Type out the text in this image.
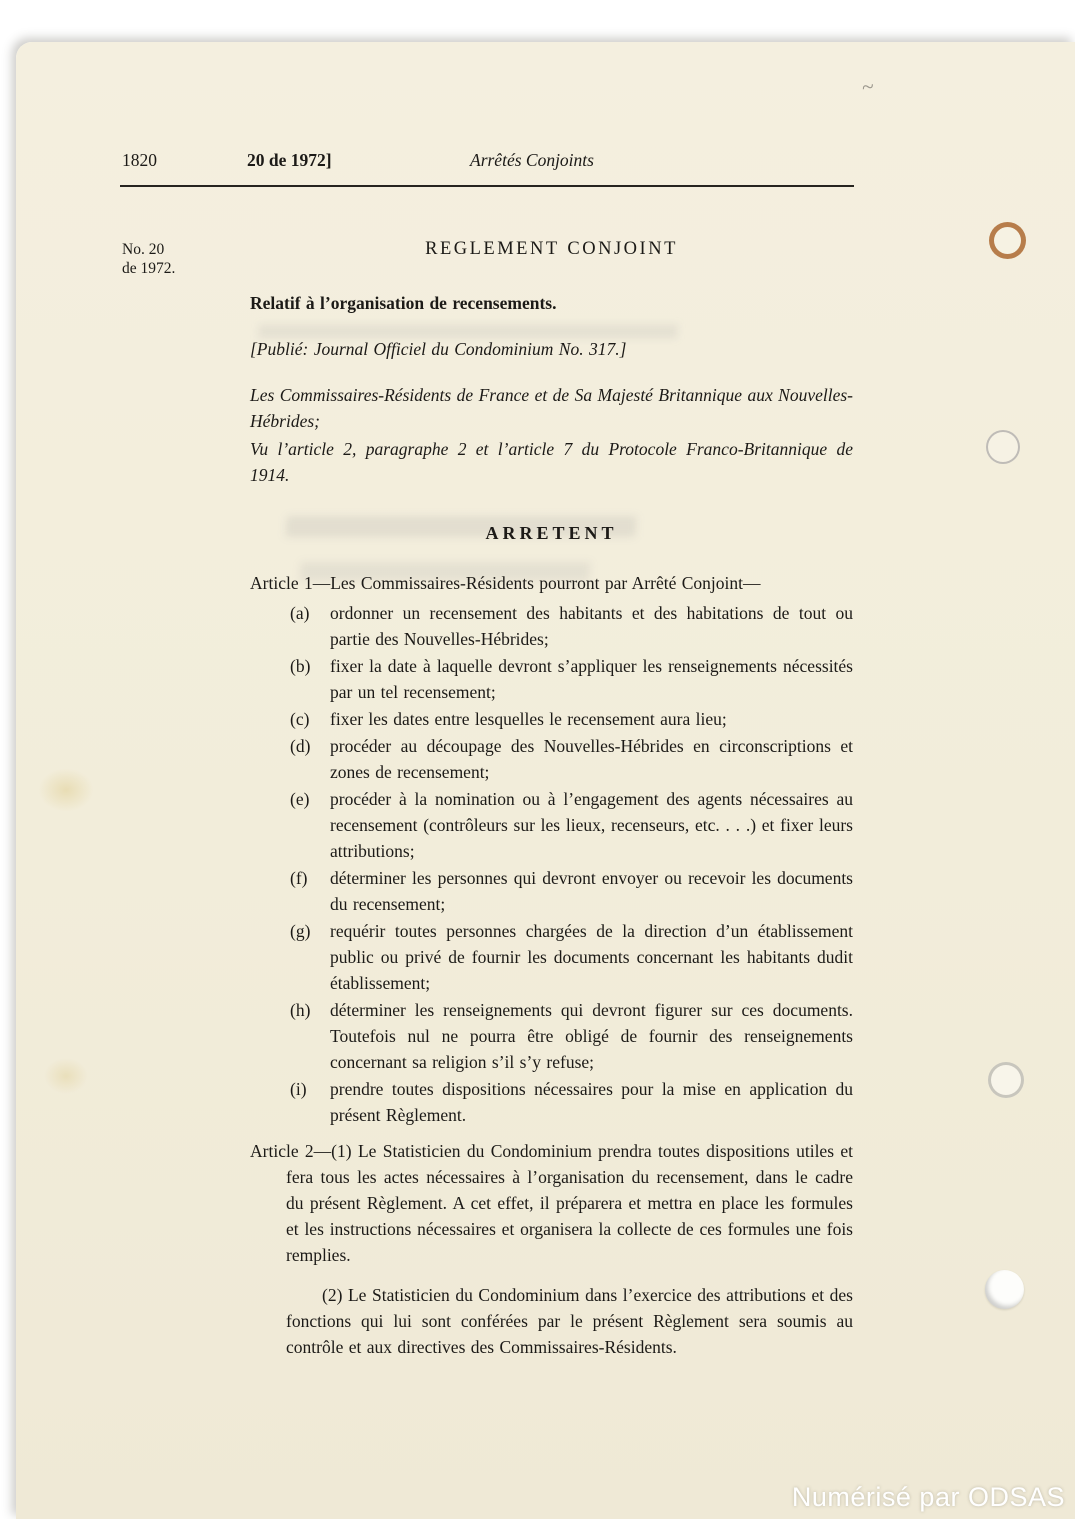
~
1820	20 de 1972]	Arrêtés Conjoints
No. 20
de 1972.
REGLEMENT CONJOINT

Relatif à l’organisation de recensements.

[Publié: Journal Officiel du Condominium No. 317.]

Les Commissaires-Résidents de France et de Sa Majesté Britannique aux Nouvelles-Hébrides;

Vu l’article 2, paragraphe 2 et l’article 7 du Protocole Franco-Britannique de 1914.

ARRETENT

Article 1—Les Commissaires-Résidents pourront par Arrêté Conjoint—

(a) ordonner un recensement des habitants et des habitations de tout ou partie des Nouvelles-Hébrides;
(b) fixer la date à laquelle devront s’appliquer les renseignements nécessités par un tel recensement;
(c) fixer les dates entre lesquelles le recensement aura lieu;
(d) procéder au découpage des Nouvelles-Hébrides en circonscriptions et zones de recensement;
(e) procéder à la nomination ou à l’engagement des agents nécessaires au recensement (contrôleurs sur les lieux, recenseurs, etc. . . .) et fixer leurs attributions;
(f) déterminer les personnes qui devront envoyer ou recevoir les documents du recensement;
(g) requérir toutes personnes chargées de la direction d’un établissement public ou privé de fournir les documents concernant les habitants dudit établissement;
(h) déterminer les renseignements qui devront figurer sur ces documents. Toutefois nul ne pourra être obligé de fournir des renseignements concernant sa religion s’il s’y refuse;
(i) prendre toutes dispositions nécessaires pour la mise en application du présent Règlement.

Article 2—(1) Le Statisticien du Condominium prendra toutes dispositions utiles et fera tous les actes nécessaires à l’organisation du recensement, dans le cadre du présent Règlement. A cet effet, il préparera et mettra en place les formules et les instructions nécessaires et organisera la collecte de ces formules une fois remplies.

(2) Le Statisticien du Condominium dans l’exercice des attributions et des fonctions qui lui sont conférées par le présent Règlement sera soumis au contrôle et aux directives des Commissaires-Résidents.

Numérisé par ODSAS
